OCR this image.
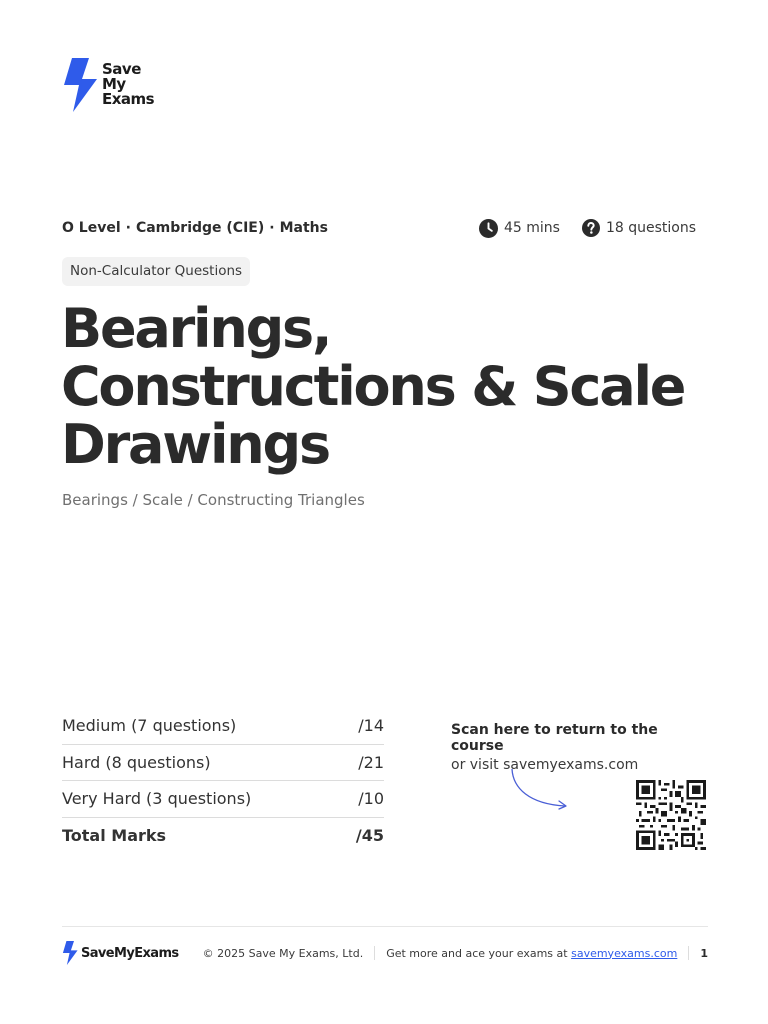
Save
My
Exams
O Level · Cambridge (CIE) · Maths	45 mins	18 questions
Non-Calculator Questions
Bearings,
Constructions & Scale
Drawings
Bearings / Scale / Constructing Triangles
Medium (7 questions)	/14
Hard (8 questions)	/21
Very Hard (3 questions)	/10
Total Marks	/45
Scan here to return to the course
or visit savemyexams.com
SaveMyExams © 2025 Save My Exams, Ltd. Get more and ace your exams at savemyexams.com 1
